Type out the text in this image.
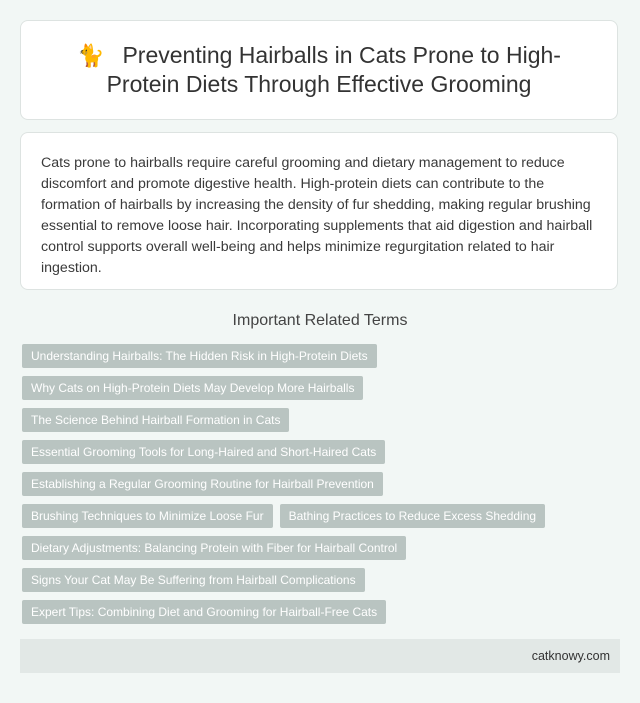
🐈 Preventing Hairballs in Cats Prone to High-Protein Diets Through Effective Grooming

Cats prone to hairballs require careful grooming and dietary management to reduce discomfort and promote digestive health. High-protein diets can contribute to the formation of hairballs by increasing the density of fur shedding, making regular brushing essential to remove loose hair. Incorporating supplements that aid digestion and hairball control supports overall well-being and helps minimize regurgitation related to hair ingestion.

Important Related Terms
Understanding Hairballs: The Hidden Risk in High-Protein Diets
Why Cats on High-Protein Diets May Develop More Hairballs
The Science Behind Hairball Formation in Cats
Essential Grooming Tools for Long-Haired and Short-Haired Cats
Establishing a Regular Grooming Routine for Hairball Prevention
Brushing Techniques to Minimize Loose Fur	Bathing Practices to Reduce Excess Shedding
Dietary Adjustments: Balancing Protein with Fiber for Hairball Control
Signs Your Cat May Be Suffering from Hairball Complications
Expert Tips: Combining Diet and Grooming for Hairball-Free Cats
catknowy.com
